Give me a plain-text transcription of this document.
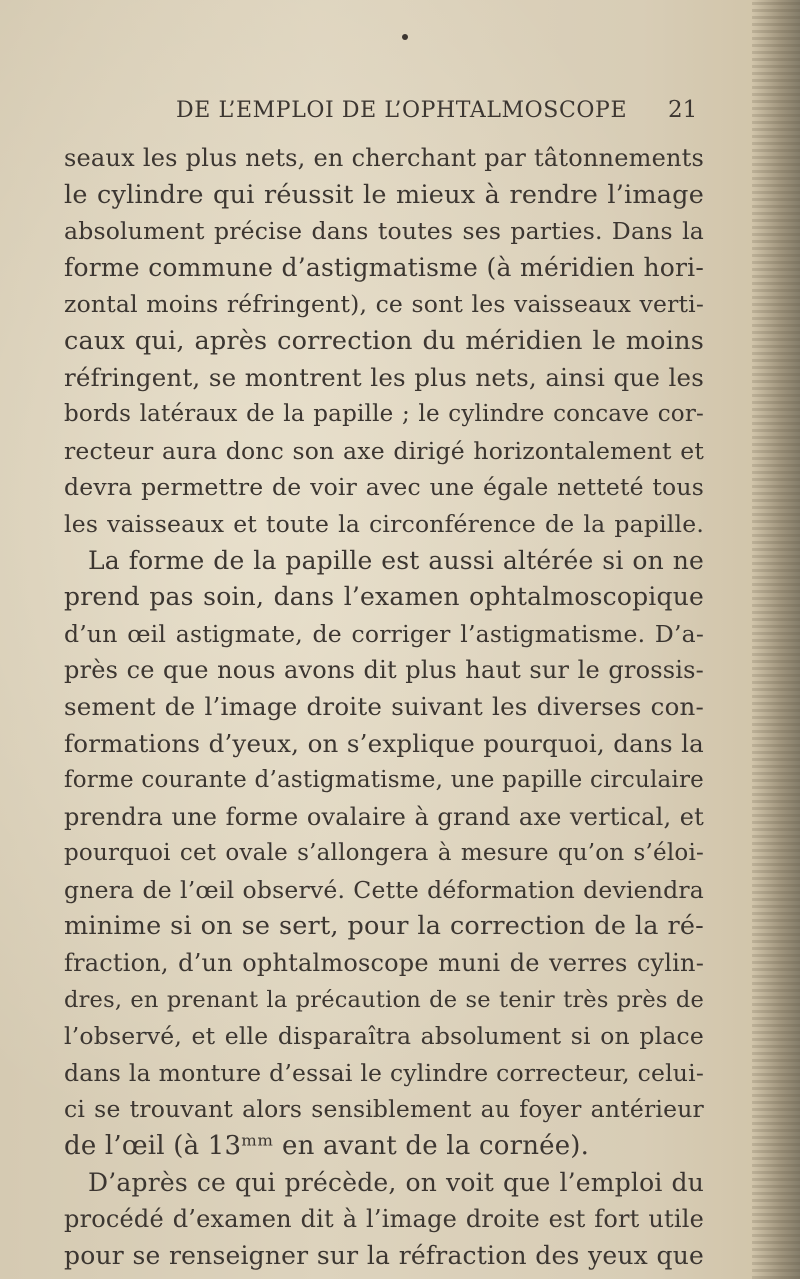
DE L’EMPLOI DE L’OPHTALMOSCOPE 21
seaux les plus nets, en cherchant par tâtonnements
le cylindre qui réussit le mieux à rendre l’image
absolument précise dans toutes ses parties. Dans la
forme commune d’astigmatisme (à méridien hori-
zontal moins réfringent), ce sont les vaisseaux verti-
caux qui, après correction du méridien le moins
réfringent, se montrent les plus nets, ainsi que les
bords latéraux de la papille ; le cylindre concave cor-
recteur aura donc son axe dirigé horizontalement et
devra permettre de voir avec une égale netteté tous
les vaisseaux et toute la circonférence de la papille.
La forme de la papille est aussi altérée si on ne
prend pas soin, dans l’examen ophtalmoscopique
d’un œil astigmate, de corriger l’astigmatisme. D’a-
près ce que nous avons dit plus haut sur le grossis-
sement de l’image droite suivant les diverses con-
formations d’yeux, on s’explique pourquoi, dans la
forme courante d’astigmatisme, une papille circulaire
prendra une forme ovalaire à grand axe vertical, et
pourquoi cet ovale s’allongera à mesure qu’on s’éloi-
gnera de l’œil observé. Cette déformation deviendra
minime si on se sert, pour la correction de la ré-
fraction, d’un ophtalmoscope muni de verres cylin-
dres, en prenant la précaution de se tenir très près de
l’observé, et elle disparaîtra absolument si on place
dans la monture d’essai le cylindre correcteur, celui-
ci se trouvant alors sensiblement au foyer antérieur
de l’œil (à 13ᵐᵐ en avant de la cornée).
D’après ce qui précède, on voit que l’emploi du
procédé d’examen dit à l’image droite est fort utile
pour se renseigner sur la réfraction des yeux que
